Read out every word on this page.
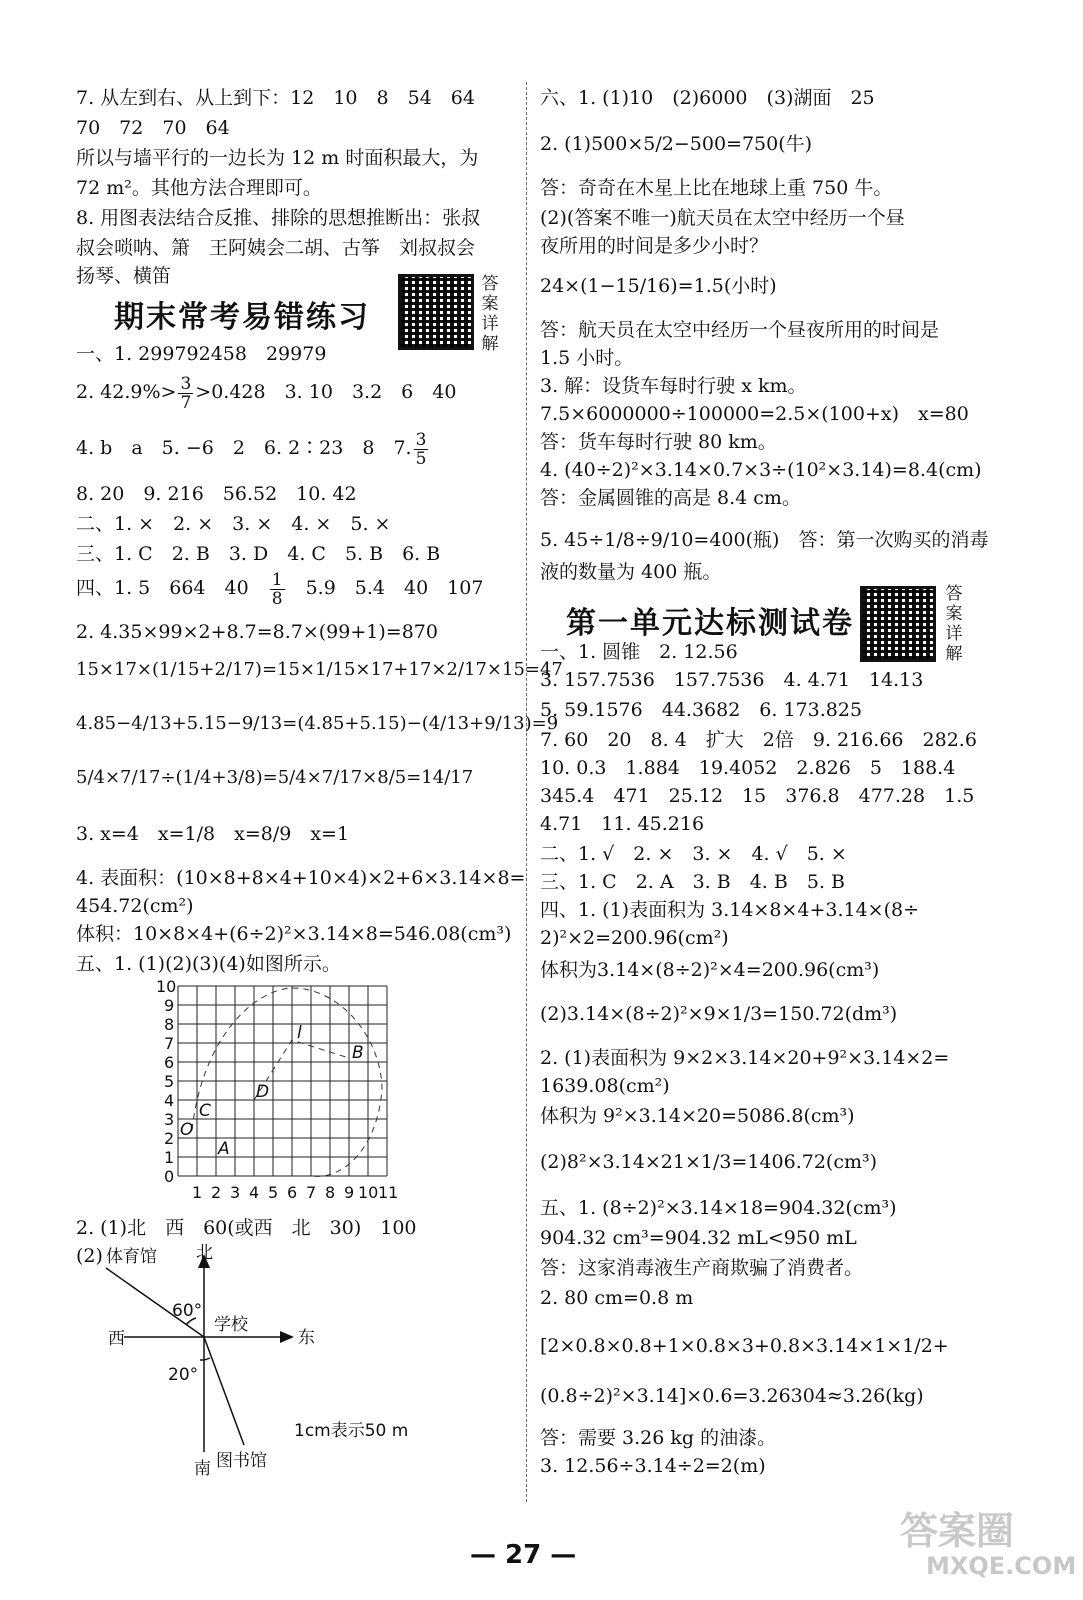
7. 从左到右、从上到下：12　10　8　54　64
70　72　70　64
所以与墙平行的一边长为 12 m 时面积最大，为
72 m²。其他方法合理即可。
8. 用图表法结合反推、排除的思想推断出：张叔
叔会唢呐、箫　王阿姨会二胡、古筝　刘叔叔会
扬琴、横笛
期末常考易错练习
答案详解
一、1. 299792458　29979
2. $42.9\%> \frac{3}{7} >0.428$　3. 10　3.2　6　40
4. b　a　5. −6　2　6. 2∶23　8　7. $\frac{3}{5}$
8. 20　9. 216　56.52　10. 42
二、1. ×　2. ×　3. ×　4. ×　5. ×
三、1. C　2. B　3. D　4. C　5. B　6. B
四、1. 5　664　40　 $\frac{1}{8}$
　 5.9　5.4　40　107
2. 4.35×99×2+8.7=8.7×(99+1)=870
15×17×(1/15+2/17)=15×1/15×17+17×2/17×15=47
4.85−4/13+5.15−9/13=(4.85+5.15)−(4/13+9/13)=9
5/4×7/17÷(1/4+3/8)=5/4×7/17×8/5=14/17
3. x=4　x=1/8　x=8/9　x=1
4. 表面积：(10×8+8×4+10×4)×2+6×3.14×8=
454.72(cm²)
体积：10×8×4+(6÷2)²×3.14×8=546.08(cm³)
五、1. (1)(2)(3)(4)如图所示。
10
9
8
7
6
5
4
3
2
1
0
1 2 3 4 5 6 7 8 9 10 11
l
B
D
C
O
A
2. (1)北　西　60(或西　北　30)　100
(2)	北
南
东
西
学校
体育馆
图书馆
60°
20°
1cm表示50 m
六、1. (1)10　(2)6000　(3)湖面　25
2. (1)500×5/2−500=750(牛)
答：奇奇在木星上比在地球上重 750 牛。
(2)(答案不唯一)航天员在太空中经历一个昼
夜所用的时间是多少小时？
24×(1−15/16)=1.5(小时)
答：航天员在太空中经历一个昼夜所用的时间是
1.5 小时。
3. 解：设货车每时行驶 x km。
7.5×6000000÷100000=2.5×(100+x)　x=80
答：货车每时行驶 80 km。
4. (40÷2)²×3.14×0.7×3÷(10²×3.14)=8.4(cm)
答：金属圆锥的高是 8.4 cm。
5. 45÷1/8÷9/10=400(瓶)　答：第一次购买的消毒
液的数量为 400 瓶。
第一单元达标测试卷
答案详解
一、1. 圆锥　2. 12.56
3. 157.7536　157.7536　4. 4.71　14.13
5. 59.1576　44.3682　6. 173.825
7. 60　20　8. 4　扩大　2倍　9. 216.66　282.6
10. 0.3　1.884　19.4052　2.826　5　188.4
345.4　471　25.12　15　376.8　477.28　1.5
4.71　11. 45.216
二、1. √　2. ×　3. ×　4. √　5. ×
三、1. C　2. A　3. B　4. B　5. B
四、1. (1)表面积为 3.14×8×4+3.14×(8÷
2)²×2=200.96(cm²)
体积为3.14×(8÷2)²×4=200.96(cm³)
(2)3.14×(8÷2)²×9×1/3=150.72(dm³)
2. (1)表面积为 9×2×3.14×20+9²×3.14×2=
1639.08(cm²)
体积为 9²×3.14×20=5086.8(cm³)
(2)8²×3.14×21×1/3=1406.72(cm³)
五、1. (8÷2)²×3.14×18=904.32(cm³)
904.32 cm³=904.32 mL<950 mL
答：这家消毒液生产商欺骗了消费者。
2. 80 cm=0.8 m
[2×0.8×0.8+1×0.8×3+0.8×3.14×1×1/2+
(0.8÷2)²×3.14]×0.6=3.26304≈3.26(kg)
答：需要 3.26 kg 的油漆。
3. 12.56÷3.14÷2=2(m)
— 27 —
答案圈
MXQE.COM
